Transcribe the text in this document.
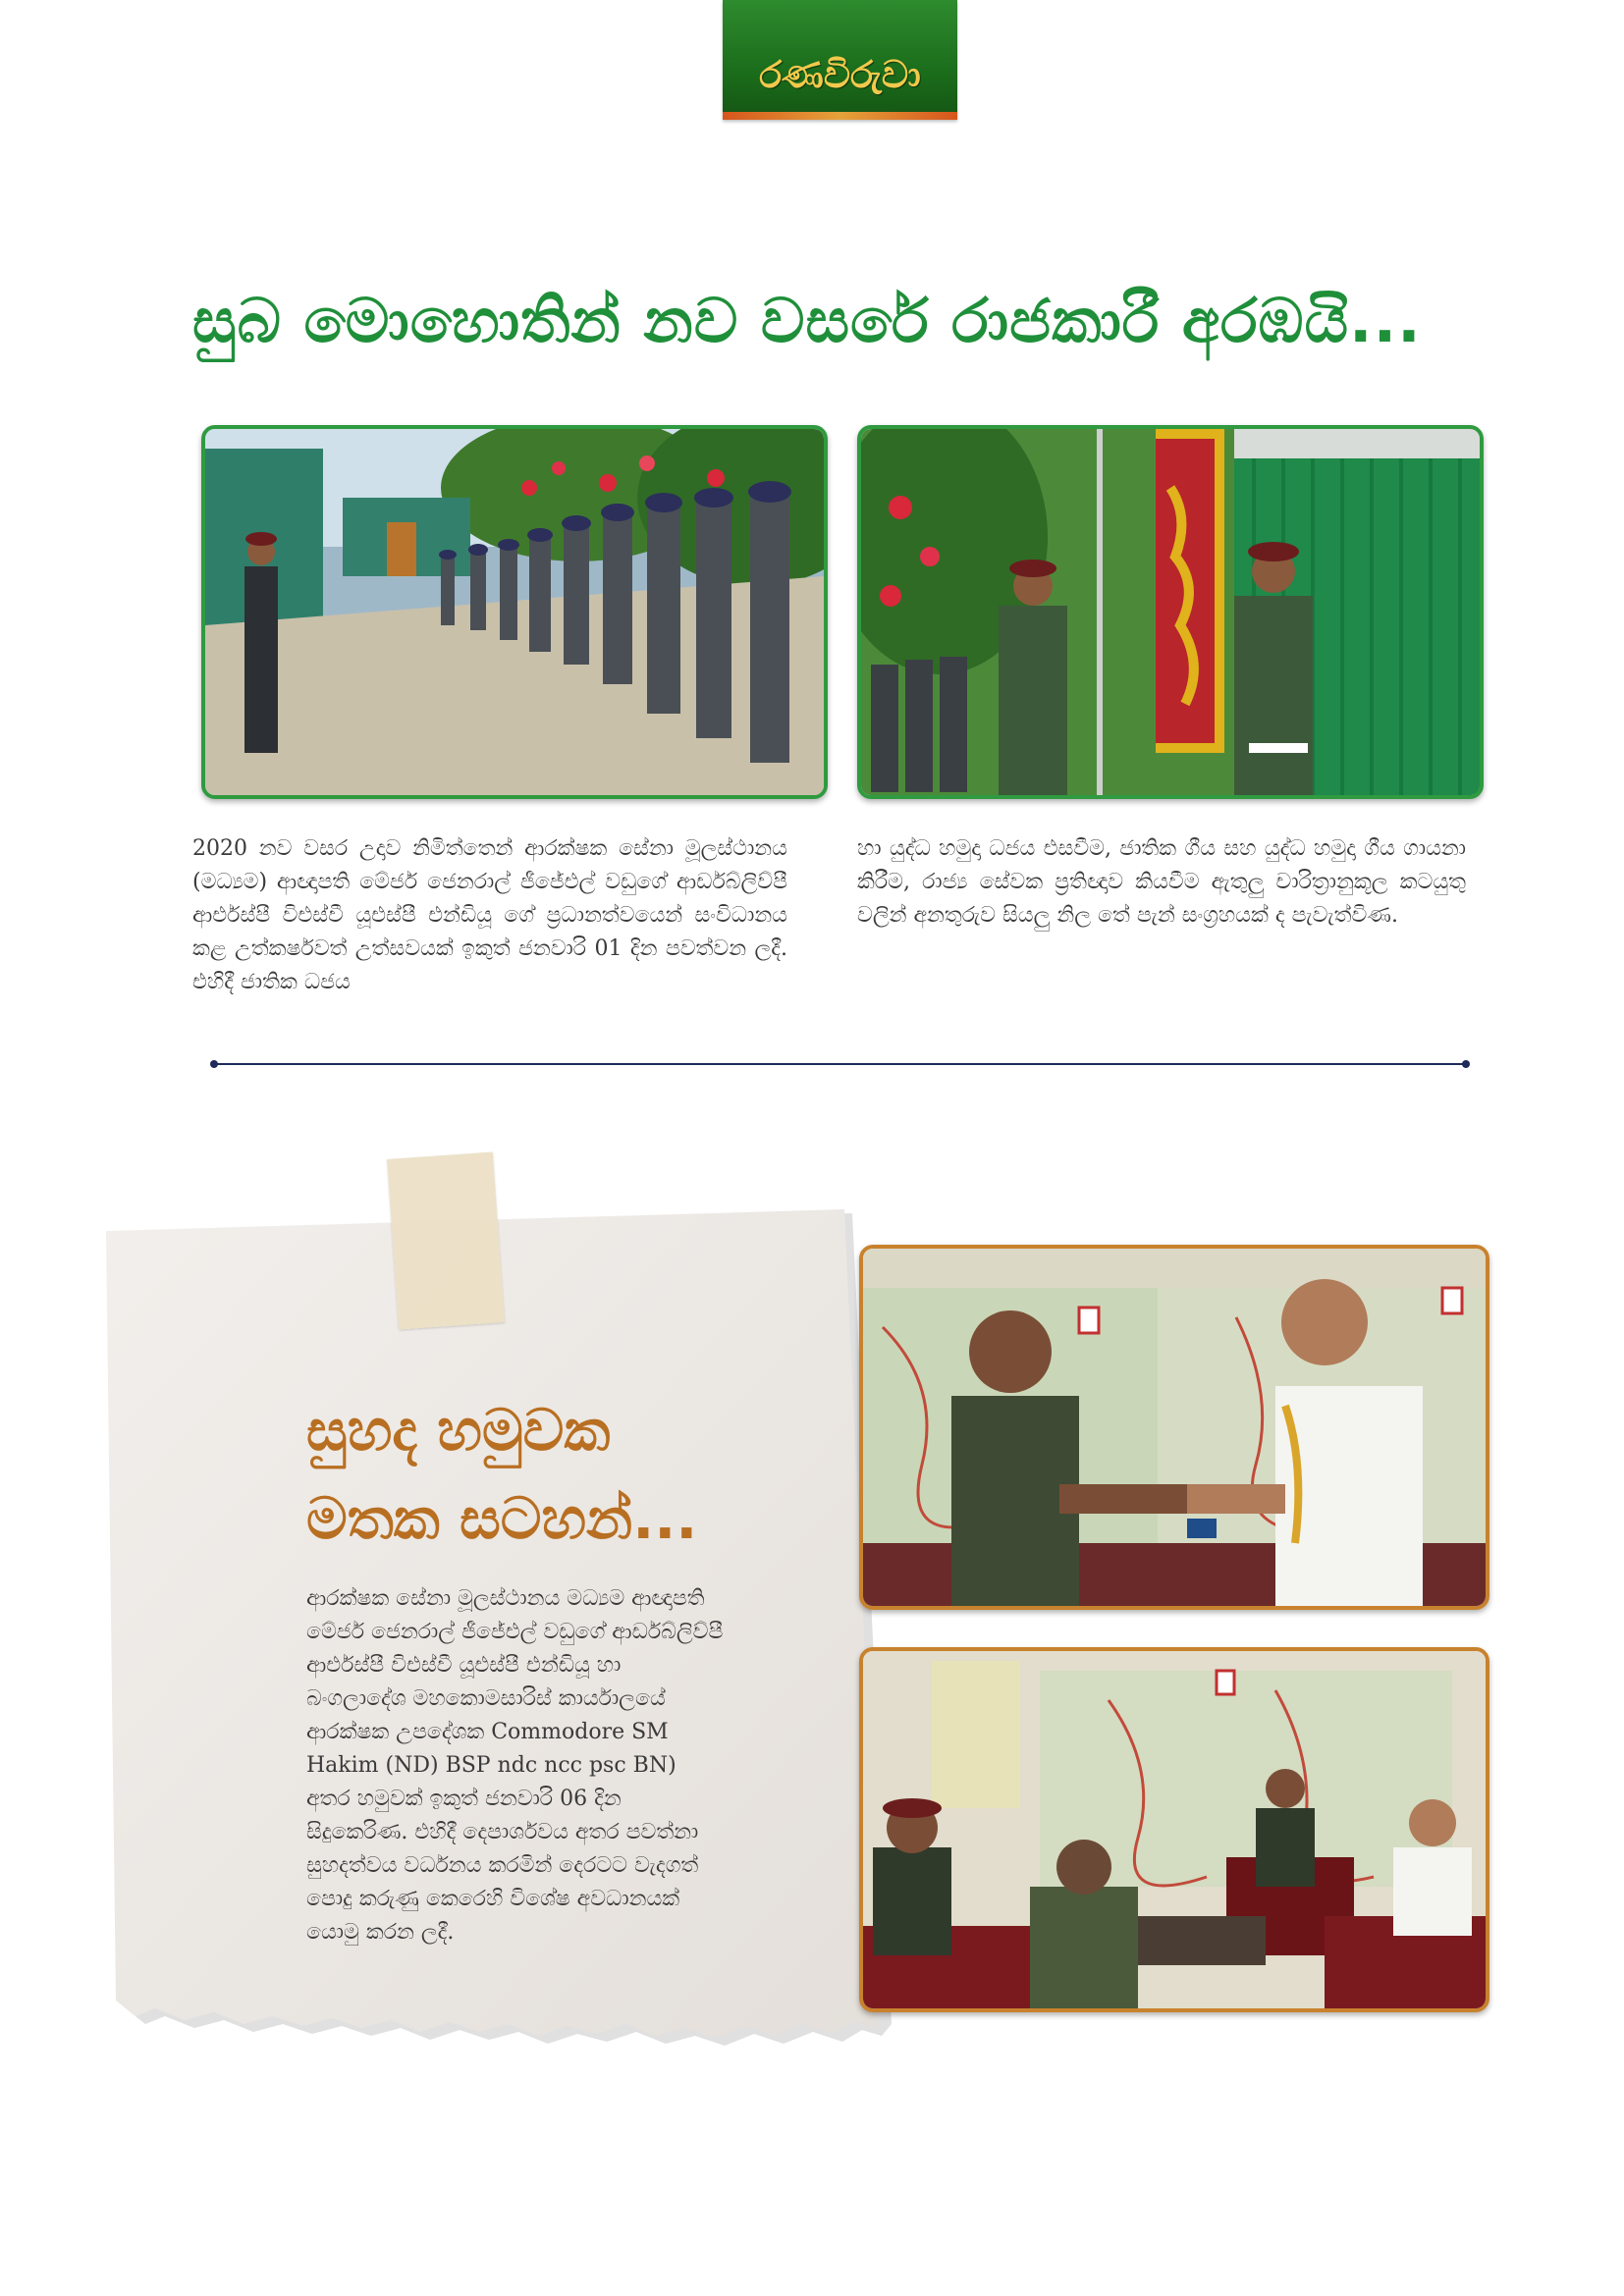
රණවිරුවා
සුබ මොහොතින් නව වසරේ රාජකාරී අරඹයි...
2020 නව වසර උදාව නිමිත්තෙන් ආරක්ෂක සේනා මූලස්ථානය (මධ්‍යම) ආඥාපති මේජර් ජෙනරාල් ජීජේඑල් වඩුගේ ආර්ඩබ්ලිව්පී ආර්එස්පී විඑස්වී යූඑස්පී එන්ඩියූ ගේ ප්‍රධානත්වයෙන් සංවිධානය කළ උත්කර්ෂවත් උත්සවයක් ඉකුත් ජනවාරි 01 දින පවත්වන ලදී. එහිදී ජාතික ධජය
හා යුද්ධ හමුදා ධජය එසවීම, ජාතික ගීය සහ යුද්ධ හමුදා ගීය ගායනා කිරීම, රාජ්‍ය සේවක ප්‍රතිඥාව කියවීම ඇතුලු චාරිත්‍රානුකූල කටයුතු වලින් අනතුරුව සියලු නිල තේ පැන් සංග්‍රහයක් ද පැවැත්විණ.
සුහද හමුවක
මතක සටහන්...
ආරක්ෂක සේනා මූලස්ථානය මධ්‍යම ආඥාපති මේජර් ජෙනරාල් ජීජේඑල් වඩුගේ ආර්ඩබ්ලිව්පී ආර්එස්පී විඑස්වී යූඑස්පී එන්ඩියූ හා බංගලාදේශ මහකොමසාරිස් කාර්යාලයේ ආරක්ෂක උපදේශක Commodore SM Hakim (ND) BSP ndc ncc psc BN) අතර හමුවක් ඉකුත් ජනවාරි 06 දින සිදුකෙරිණ. එහිදී දෙපාර්ශවය අතර පවත්නා සුහදත්වය වර්ධනය කරමින් දෙරටට වැදගත් පොදු කරුණු කෙරෙහි විශේෂ අවධානයක් යොමු කරන ලදී.
